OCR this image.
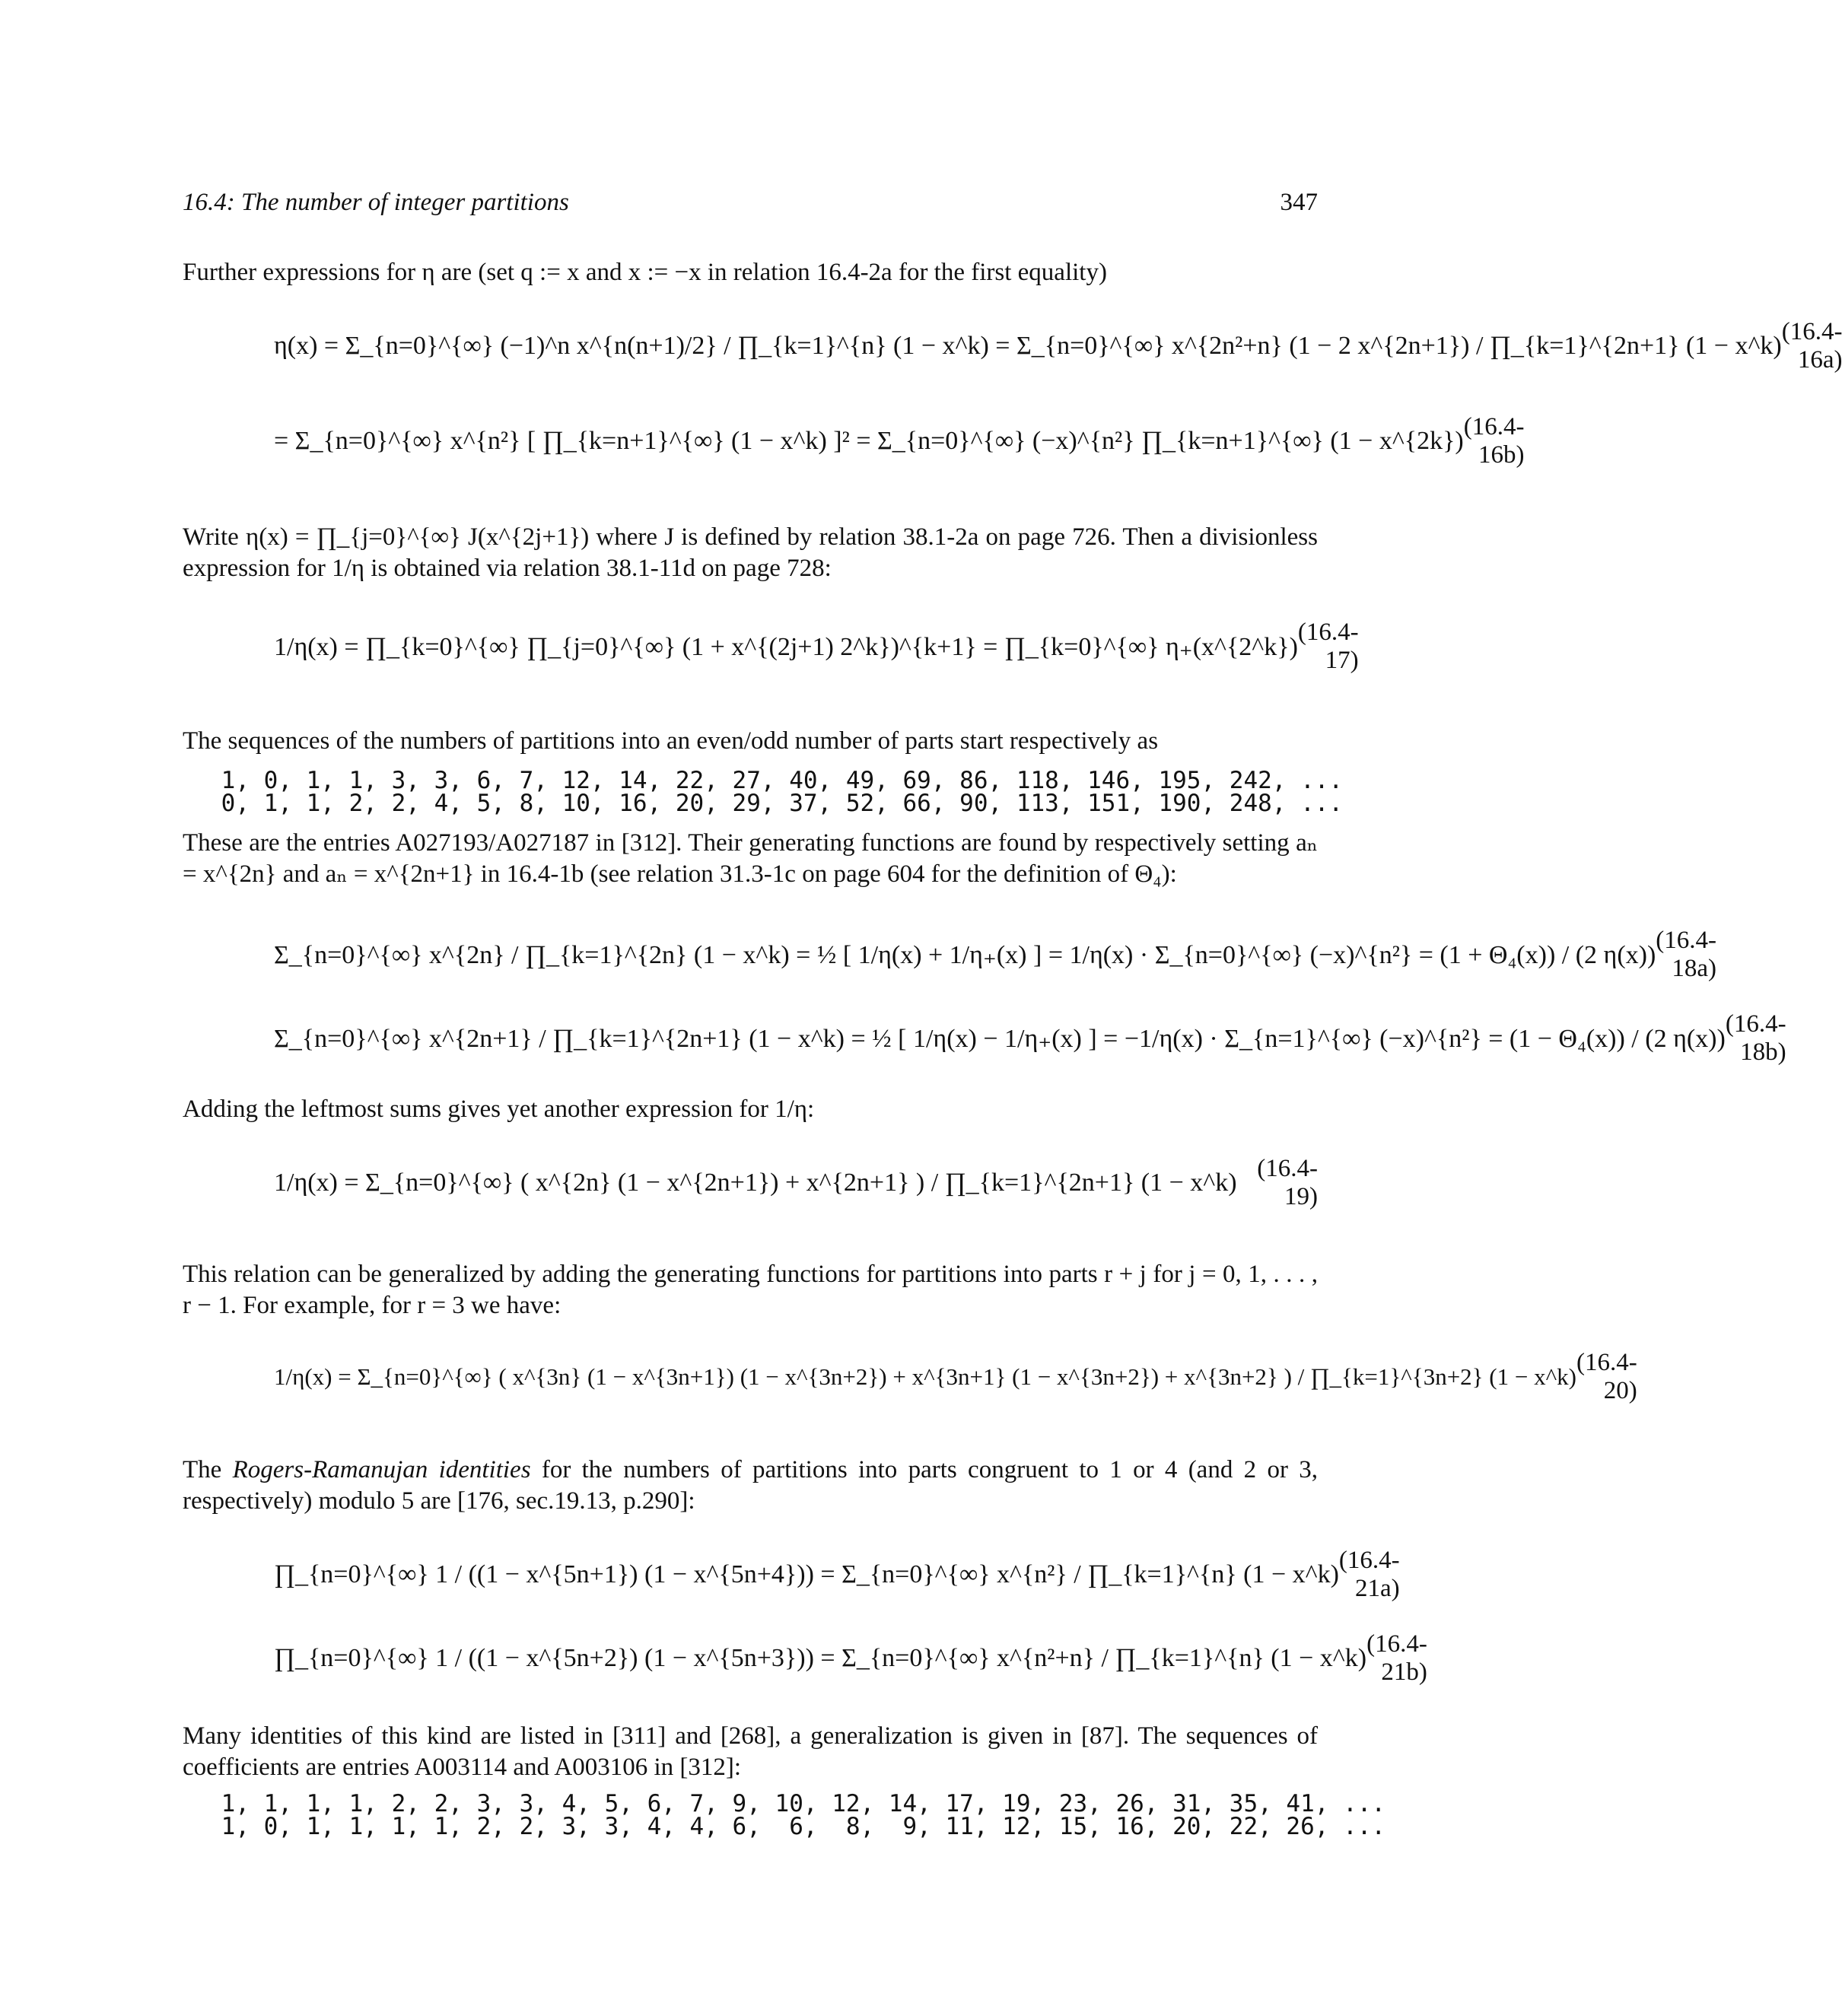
16.4: The number of integer partitions	347
Further expressions for η are (set q := x and x := −x in relation 16.4-2a for the first equality)
η(x) = Σ_{n=0}^{∞} (−1)^n x^{n(n+1)/2} / ∏_{k=1}^{n} (1 − x^k) = Σ_{n=0}^{∞} x^{2n²+n} (1 − 2 x^{2n+1}) / ∏_{k=1}^{2n+1} (1 − x^k) (16.4-16a)
= Σ_{n=0}^{∞} x^{n²} [ ∏_{k=n+1}^{∞} (1 − x^k) ]² = Σ_{n=0}^{∞} (−x)^{n²} ∏_{k=n+1}^{∞} (1 − x^{2k}) (16.4-16b)
Write η(x) = ∏_{j=0}^{∞} J(x^{2j+1}) where J is defined by relation 38.1-2a on page 726. Then a divisionless expression for 1/η is obtained via relation 38.1-11d on page 728:
1/η(x) = ∏_{k=0}^{∞} ∏_{j=0}^{∞} (1 + x^{(2j+1) 2^k})^{k+1} = ∏_{k=0}^{∞} η₊(x^{2^k})
(16.4-17)
The sequences of the numbers of partitions into an even/odd number of parts start respectively as
1, 0, 1, 1, 3, 3, 6, 7, 12, 14, 22, 27, 40, 49, 69, 86, 118, 146, 195, 242, ...
0, 1, 1, 2, 2, 4, 5, 8, 10, 16, 20, 29, 37, 52, 66, 90, 113, 151, 190, 248, ...
These are the entries A027193/A027187 in [312]. Their generating functions are found by respectively setting aₙ = x^{2n} and aₙ = x^{2n+1} in 16.4-1b (see relation 31.3-1c on page 604 for the definition of Θ₄):
Σ_{n=0}^{∞} x^{2n} / ∏_{k=1}^{2n} (1 − x^k) = ½ [ 1/η(x) + 1/η₊(x) ] = 1/η(x) · Σ_{n=0}^{∞} (−x)^{n²} = (1 + Θ₄(x)) / (2 η(x))
(16.4-18a)
Σ_{n=0}^{∞} x^{2n+1} / ∏_{k=1}^{2n+1} (1 − x^k) = ½ [ 1/η(x) − 1/η₊(x) ] = −1/η(x) · Σ_{n=1}^{∞} (−x)^{n²} = (1 − Θ₄(x)) / (2 η(x))
(16.4-18b)
Adding the leftmost sums gives yet another expression for 1/η:
1/η(x) = Σ_{n=0}^{∞} ( x^{2n} (1 − x^{2n+1}) + x^{2n+1} ) / ∏_{k=1}^{2n+1} (1 − x^k) (16.4-19)
This relation can be generalized by adding the generating functions for partitions into parts r + j for j = 0, 1, . . . , r − 1. For example, for r = 3 we have:
1/η(x) = Σ_{n=0}^{∞} ( x^{3n} (1 − x^{3n+1}) (1 − x^{3n+2}) + x^{3n+1} (1 − x^{3n+2}) + x^{3n+2} ) / ∏_{k=1}^{3n+2} (1 − x^k)
(16.4-20)
The Rogers-Ramanujan identities for the numbers of partitions into parts congruent to 1 or 4 (and 2 or 3, respectively) modulo 5 are [176, sec.19.13, p.290]:
∏_{n=0}^{∞} 1 / ((1 − x^{5n+1}) (1 − x^{5n+4})) = Σ_{n=0}^{∞} x^{n²} / ∏_{k=1}^{n} (1 − x^k) (16.4-21a)
∏_{n=0}^{∞} 1 / ((1 − x^{5n+2}) (1 − x^{5n+3})) = Σ_{n=0}^{∞} x^{n²+n} / ∏_{k=1}^{n} (1 − x^k) (16.4-21b)
Many identities of this kind are listed in [311] and [268], a generalization is given in [87]. The sequences of coefficients are entries A003114 and A003106 in [312]:
1, 1, 1, 1, 2, 2, 3, 3, 4, 5, 6, 7, 9, 10, 12, 14, 17, 19, 23, 26, 31, 35, 41, ...
1, 0, 1, 1, 1, 1, 2, 2, 3, 3, 4, 4, 6,  6,  8,  9, 11, 12, 15, 16, 20, 22, 26, ...
